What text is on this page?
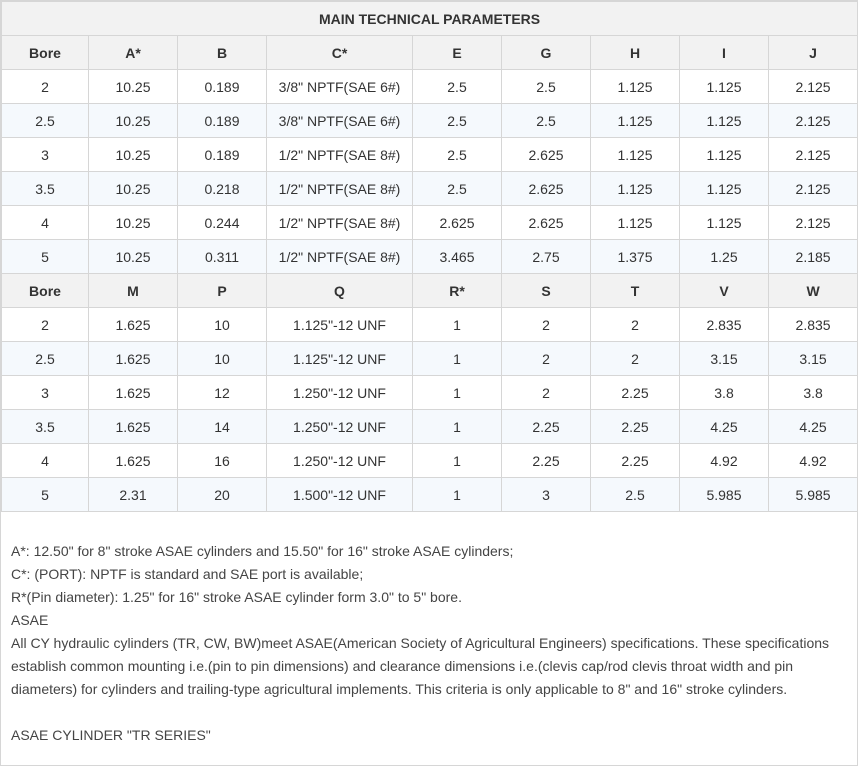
MAIN TECHNICAL PARAMETERS								
Bore	A*	B	C*	E	G	H	I	J
2	10.25	0.189	3/8" NPTF(SAE 6#)	2.5	2.5	1.125	1.125	2.125
2.5	10.25	0.189	3/8" NPTF(SAE 6#)	2.5	2.5	1.125	1.125	2.125
3	10.25	0.189	1/2" NPTF(SAE 8#)	2.5	2.625	1.125	1.125	2.125
3.5	10.25	0.218	1/2" NPTF(SAE 8#)	2.5	2.625	1.125	1.125	2.125
4	10.25	0.244	1/2" NPTF(SAE 8#)	2.625	2.625	1.125	1.125	2.125
5	10.25	0.311	1/2" NPTF(SAE 8#)	3.465	2.75	1.375	1.25	2.185
Bore	M	P	Q	R*	S	T	V	W
2	1.625	10	1.125"-12 UNF	1	2	2	2.835	2.835
2.5	1.625	10	1.125"-12 UNF	1	2	2	3.15	3.15
3	1.625	12	1.250"-12 UNF	1	2	2.25	3.8	3.8
3.5	1.625	14	1.250"-12 UNF	1	2.25	2.25	4.25	4.25
4	1.625	16	1.250"-12 UNF	1	2.25	2.25	4.92	4.92
5	2.31	20	1.500"-12 UNF	1	3	2.5	5.985	5.985

A*: 12.50" for 8" stroke ASAE cylinders and 15.50" for 16" stroke ASAE cylinders;

C*: (PORT): NPTF is standard and SAE port is available;

R*(Pin diameter): 1.25" for 16" stroke ASAE cylinder form 3.0" to 5" bore.

ASAE

All CY hydraulic cylinders (TR, CW, BW)meet ASAE(American Society of Agricultural Engineers) specifications. These specifications establish common mounting i.e.(pin to pin dimensions) and clearance dimensions i.e.(clevis cap/rod clevis throat width and pin diameters) for cylinders and trailing-type agricultural implements. This criteria is only applicable to 8" and 16" stroke cylinders.

ASAE CYLINDER "TR SERIES"
